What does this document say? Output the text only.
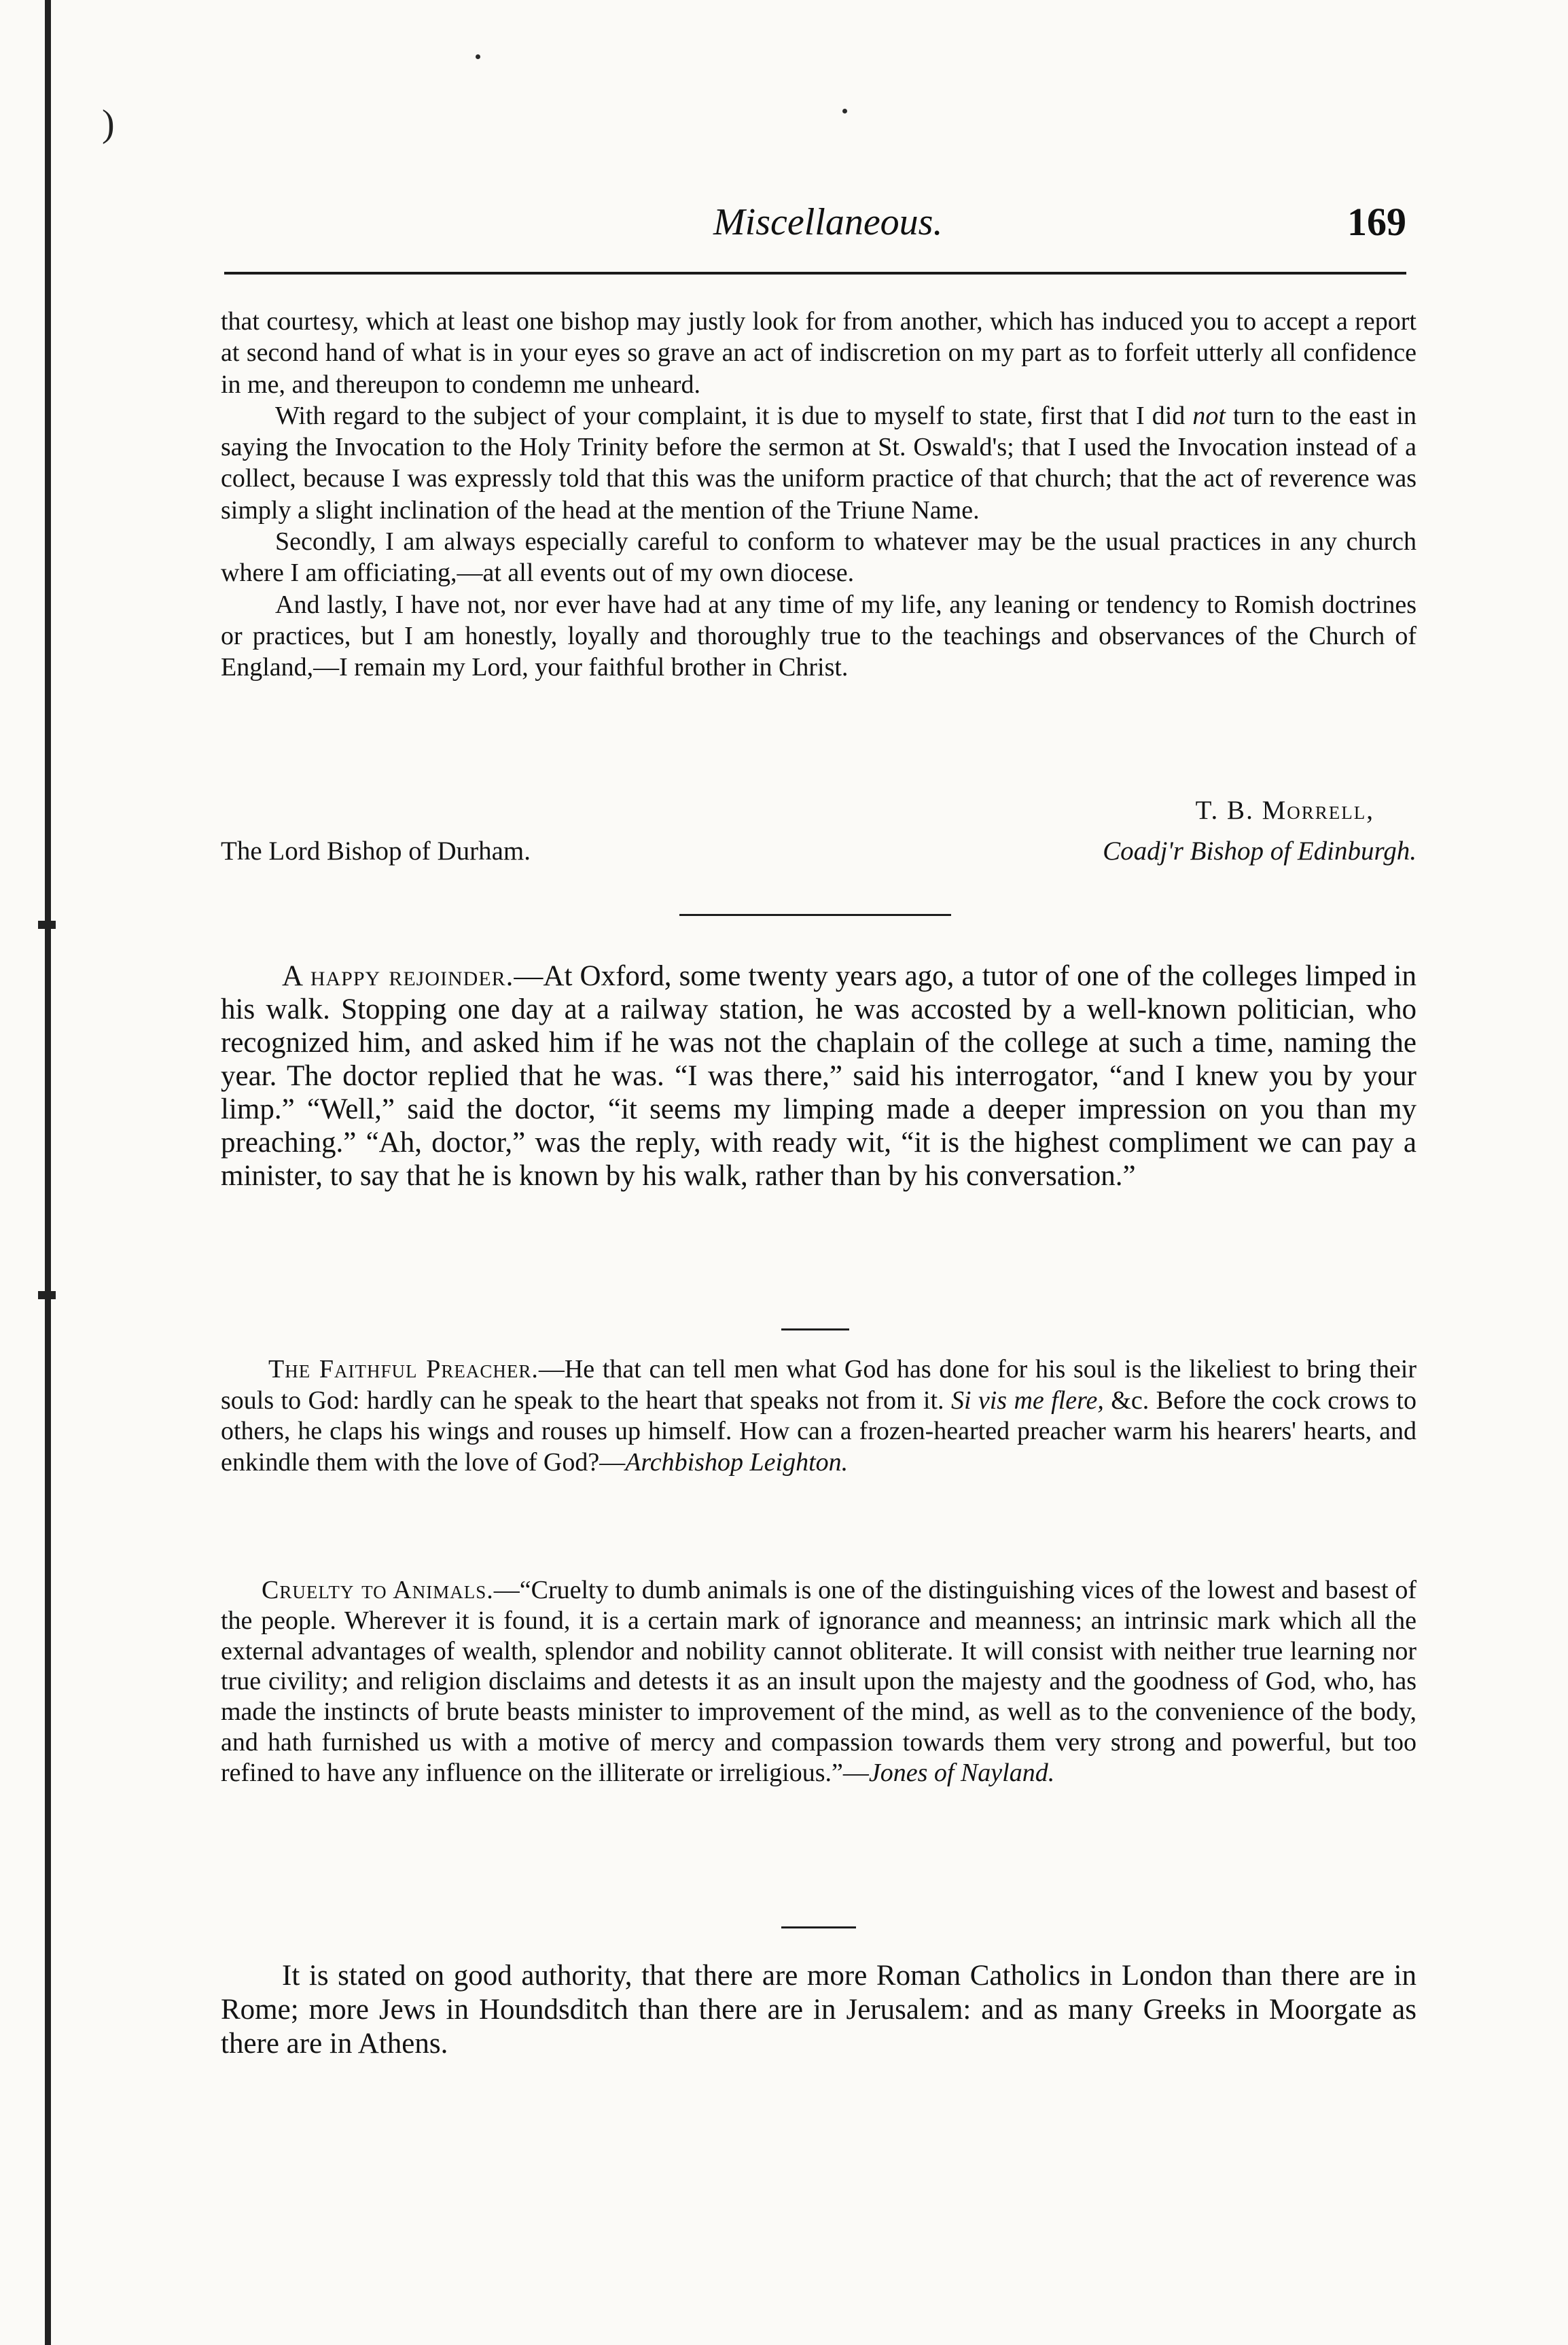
)
Miscellaneous.	169

that courtesy, which at least one bishop may justly look for from another, which has induced you to accept a report at second hand of what is in your eyes so grave an act of indiscretion on my part as to forfeit utterly all confidence in me, and thereupon to condemn me unheard.

With regard to the subject of your complaint, it is due to myself to state, first that I did not turn to the east in saying the Invocation to the Holy Trinity before the sermon at St. Oswald's; that I used the Invocation instead of a collect, because I was expressly told that this was the uniform practice of that church; that the act of reverence was simply a slight inclination of the head at the mention of the Triune Name.

Secondly, I am always especially careful to conform to whatever may be the usual practices in any church where I am officiating,—at all events out of my own diocese.

And lastly, I have not, nor ever have had at any time of my life, any leaning or tendency to Romish doctrines or practices, but I am honestly, loyally and thoroughly true to the teachings and observances of the Church of England,—I remain my Lord, your faithful brother in Christ.

T. B. Morrell,
The Lord Bishop of Durham.	Coadj'r Bishop of Edinburgh.

A happy rejoinder.—At Oxford, some twenty years ago, a tutor of one of the colleges limped in his walk. Stopping one day at a railway station, he was accosted by a well-known politician, who recognized him, and asked him if he was not the chaplain of the college at such a time, naming the year. The doctor replied that he was. “I was there,” said his interrogator, “and I knew you by your limp.” “Well,” said the doctor, “it seems my limping made a deeper impression on you than my preaching.” “Ah, doctor,” was the reply, with ready wit, “it is the highest compliment we can pay a minister, to say that he is known by his walk, rather than by his conversation.”

The Faithful Preacher.—He that can tell men what God has done for his soul is the likeliest to bring their souls to God: hardly can he speak to the heart that speaks not from it. Si vis me flere, &c. Before the cock crows to others, he claps his wings and rouses up himself. How can a frozen-hearted preacher warm his hearers' hearts, and enkindle them with the love of God?—Archbishop Leighton.

Cruelty to Animals.—“Cruelty to dumb animals is one of the distinguishing vices of the lowest and basest of the people. Wherever it is found, it is a certain mark of ignorance and meanness; an intrinsic mark which all the external advantages of wealth, splendor and nobility cannot obliterate. It will consist with neither true learning nor true civility; and religion disclaims and detests it as an insult upon the majesty and the goodness of God, who, has made the instincts of brute beasts minister to improvement of the mind, as well as to the convenience of the body, and hath furnished us with a motive of mercy and compassion towards them very strong and powerful, but too refined to have any influence on the illiterate or irreligious.”—Jones of Nayland.

It is stated on good authority, that there are more Roman Catholics in London than there are in Rome; more Jews in Houndsditch than there are in Jerusalem: and as many Greeks in Moorgate as there are in Athens.
